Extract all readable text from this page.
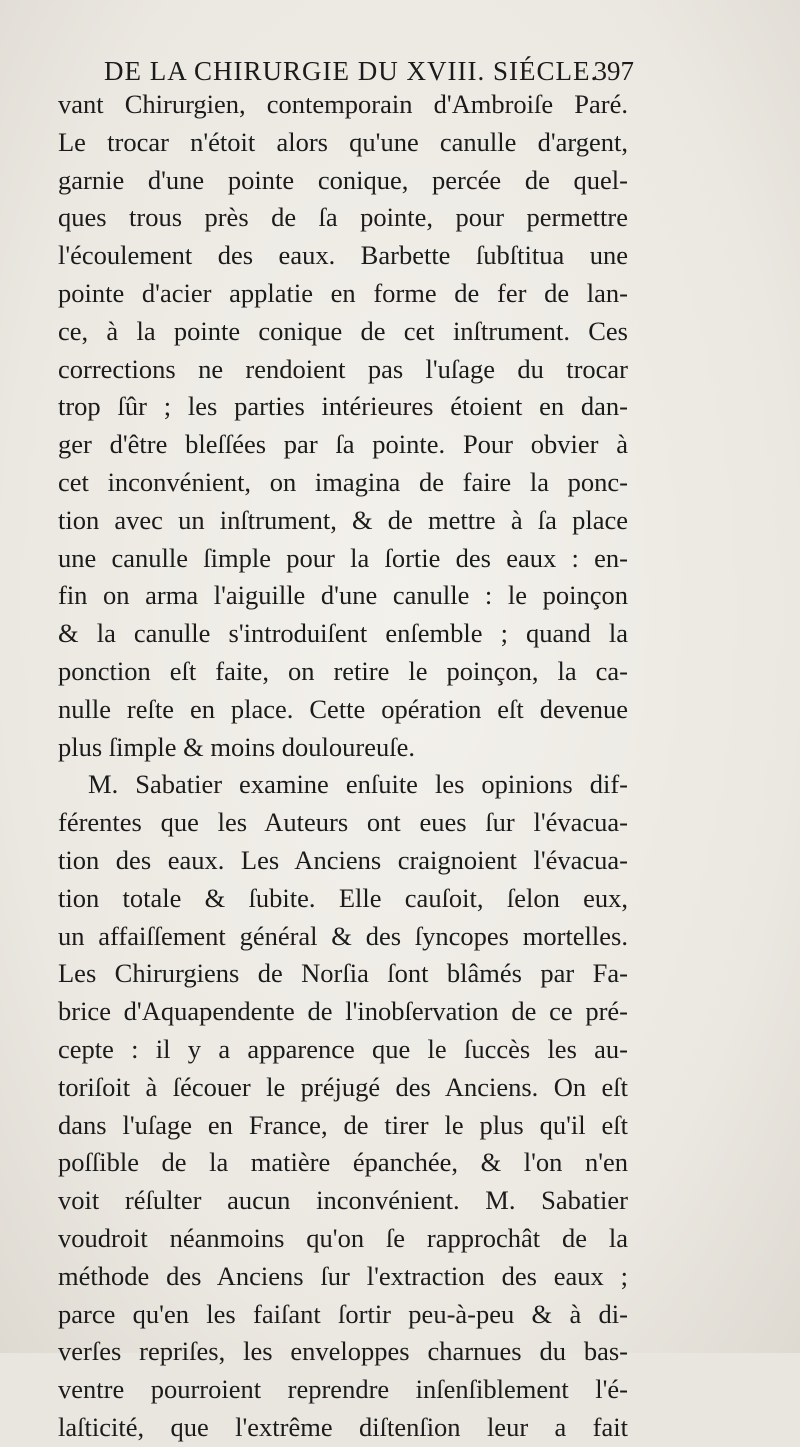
DE LA CHIRURGIE DU XVIII. SIÉCLE.
397
vant Chirurgien, contemporain d'Ambroiſe Paré.
Le trocar n'étoit alors qu'une canulle d'argent,
garnie d'une pointe conique, percée de quel-
ques trous près de ſa pointe, pour permettre
l'écoulement des eaux. Barbette ſubſtitua une
pointe d'acier applatie en forme de fer de lan-
ce, à la pointe conique de cet inſtrument. Ces
corrections ne rendoient pas l'uſage du trocar
trop ſûr ; les parties intérieures étoient en dan-
ger d'être bleſſées par ſa pointe. Pour obvier à
cet inconvénient, on imagina de faire la ponc-
tion avec un inſtrument, & de mettre à ſa place
une canulle ſimple pour la ſortie des eaux : en-
fin on arma l'aiguille d'une canulle : le poinçon
& la canulle s'introduiſent enſemble ; quand la
ponction eſt faite, on retire le poinçon, la ca-
nulle reſte en place. Cette opération eſt devenue
plus ſimple & moins douloureuſe.
M. Sabatier examine enſuite les opinions dif-
férentes que les Auteurs ont eues ſur l'évacua-
tion des eaux. Les Anciens craignoient l'évacua-
tion totale & ſubite. Elle cauſoit, ſelon eux,
un affaiſſement général & des ſyncopes mortelles.
Les Chirurgiens de Norſia ſont blâmés par Fa-
brice d'Aquapendente de l'inobſervation de ce pré-
cepte : il y a apparence que le ſuccès les au-
toriſoit à ſécouer le préjugé des Anciens. On eſt
dans l'uſage en France, de tirer le plus qu'il eſt
poſſible de la matière épanchée, & l'on n'en
voit réſulter aucun inconvénient. M. Sabatier
voudroit néanmoins qu'on ſe rapprochât de la
méthode des Anciens ſur l'extraction des eaux ;
parce qu'en les faiſant ſortir peu-à-peu & à di-
verſes repriſes, les enveloppes charnues du bas-
ventre pourroient reprendre inſenſiblement l'é-
laſticité, que l'extrême diſtenſion leur a fait
